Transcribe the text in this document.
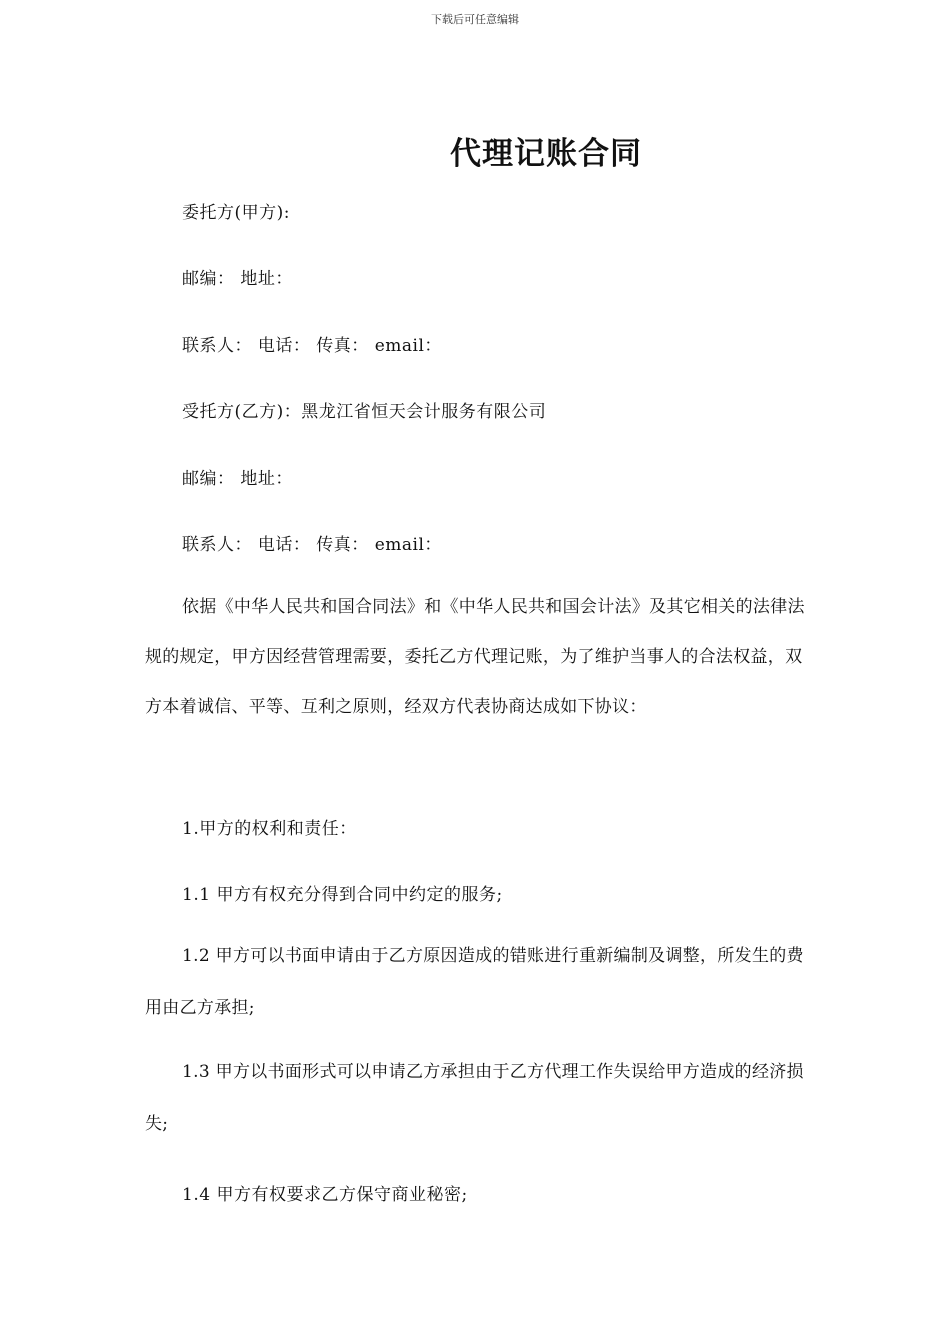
下载后可任意编辑
代理记账合同
委托方(甲方):
邮编： 地址：
联系人： 电话： 传真： email：
受托方(乙方)：黑龙江省恒天会计服务有限公司
邮编： 地址：
联系人： 电话： 传真： email：
依据《中华人民共和国合同法》和《中华人民共和国会计法》及其它相关的法律法规的规定，甲方因经营管理需要，委托乙方代理记账，为了维护当事人的合法权益，双方本着诚信、平等、互利之原则，经双方代表协商达成如下协议：
1.甲方的权利和责任：
1.1 甲方有权充分得到合同中约定的服务;
1.2 甲方可以书面申请由于乙方原因造成的错账进行重新编制及调整，所发生的费用由乙方承担;
1.3 甲方以书面形式可以申请乙方承担由于乙方代理工作失误给甲方造成的经济损失;
1.4 甲方有权要求乙方保守商业秘密;
